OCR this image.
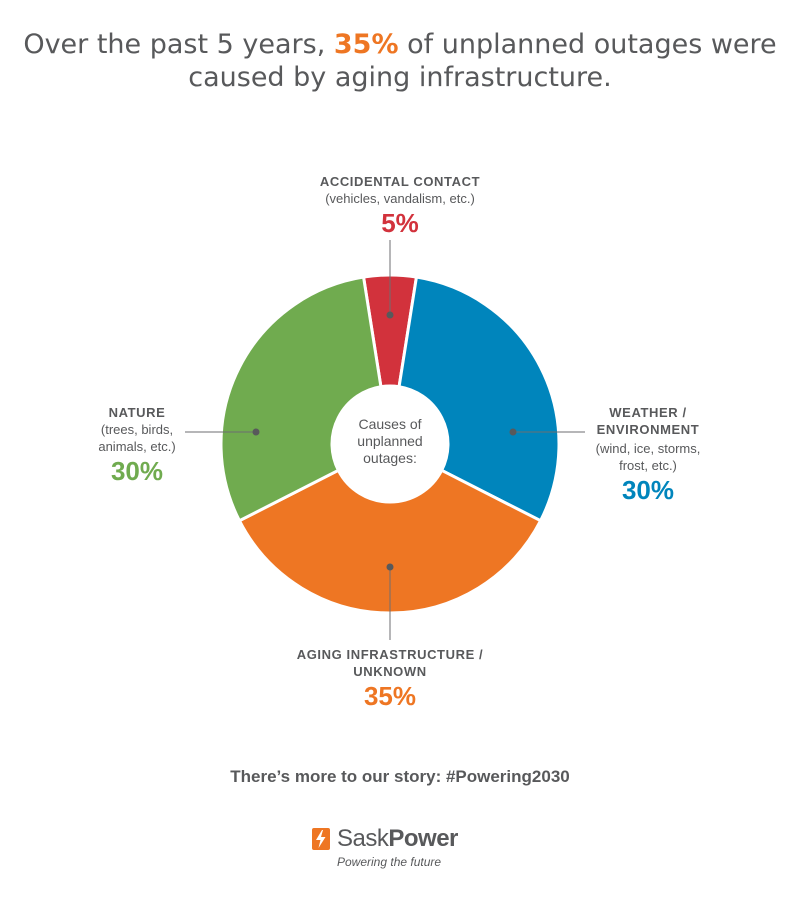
Over the past 5 years, 35% of unplanned outages were caused by aging infrastructure.
Causes of unplanned outages:
ACCIDENTAL CONTACT
(vehicles, vandalism, etc.)
5%
WEATHER /
ENVIRONMENT
(wind, ice, storms,
frost, etc.)
30%
NATURE
(trees, birds,
animals, etc.)
30%
AGING INFRASTRUCTURE /
UNKNOWN
35%
There’s more to our story: #Powering2030
SaskPower
Powering the future
